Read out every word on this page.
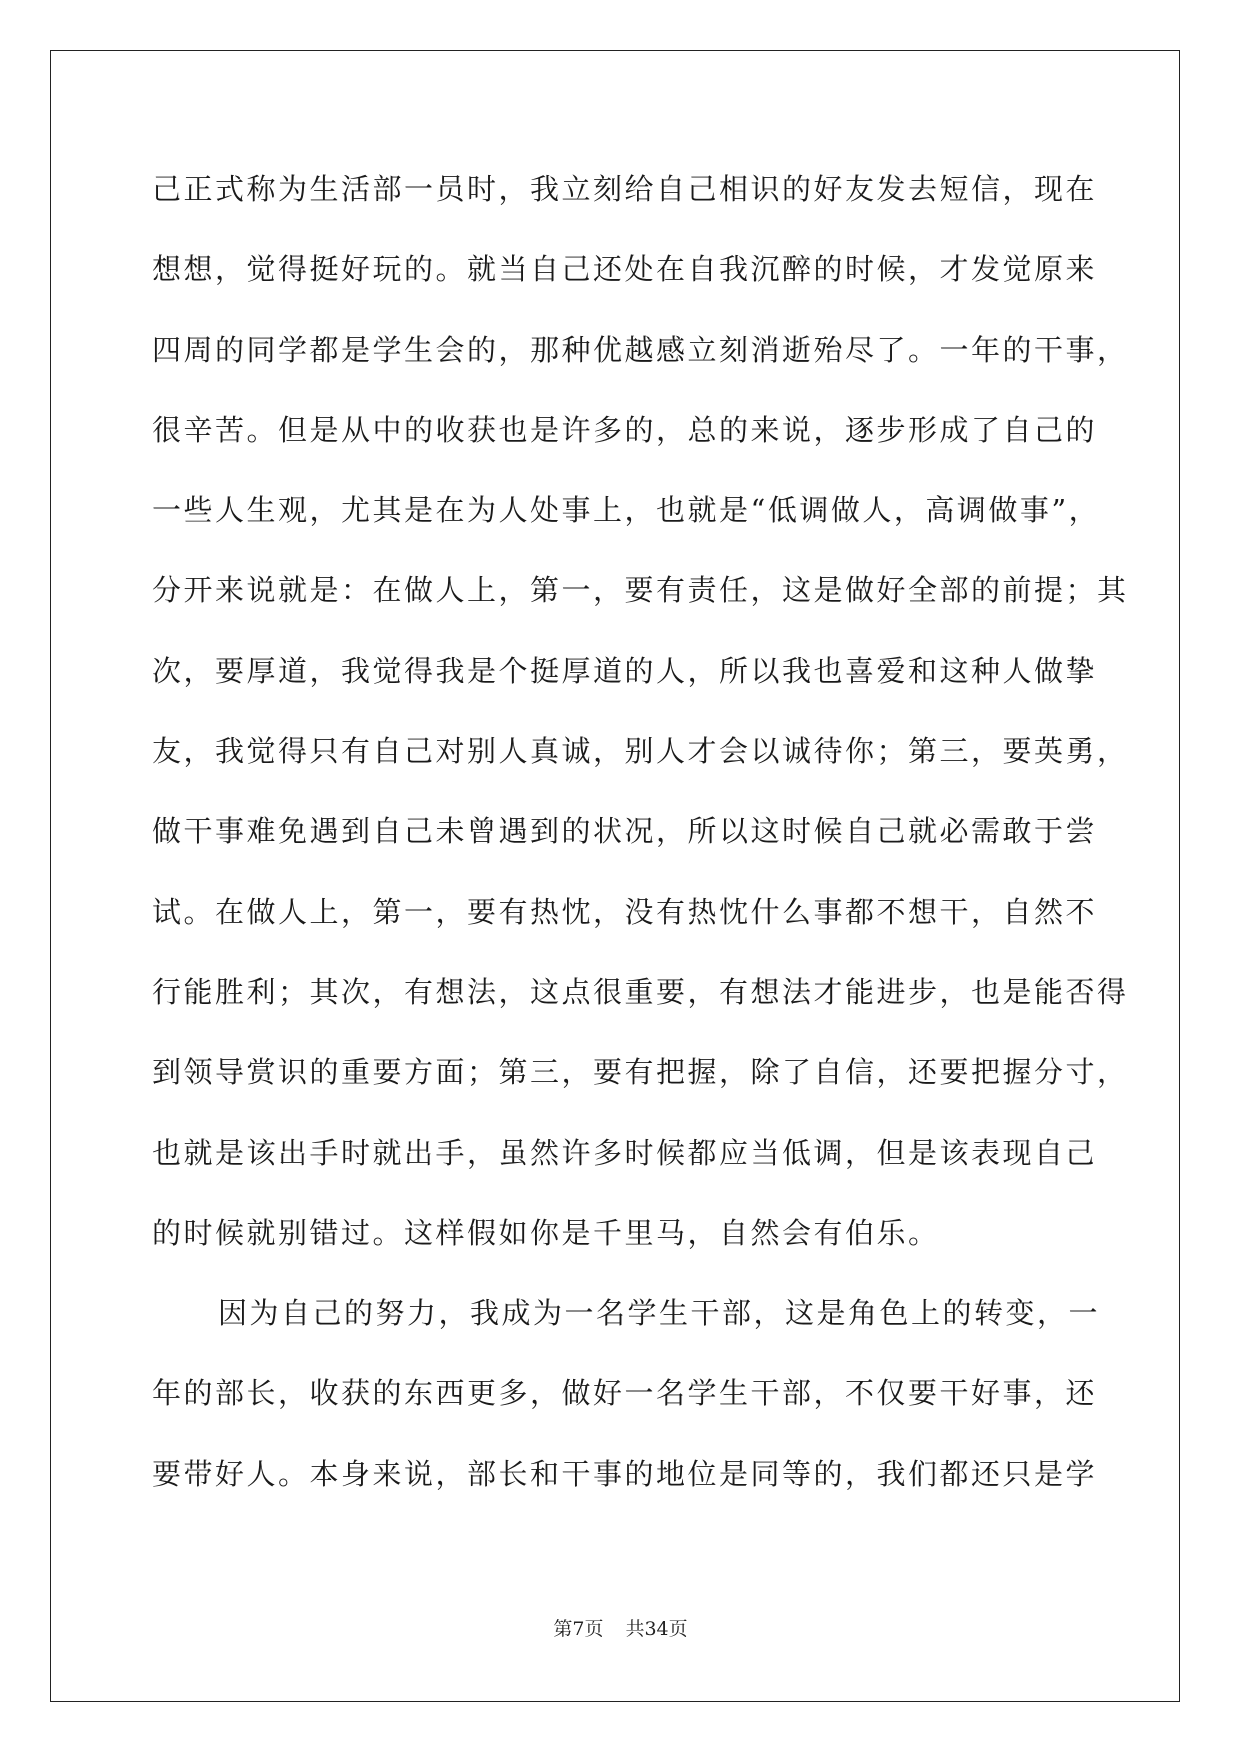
己正式称为生活部一员时，我立刻给自己相识的好友发去短信，现在
想想，觉得挺好玩的。就当自己还处在自我沉醉的时候，才发觉原来
四周的同学都是学生会的，那种优越感立刻消逝殆尽了。一年的干事，
很辛苦。但是从中的收获也是许多的，总的来说，逐步形成了自己的
一些人生观，尤其是在为人处事上，也就是“低调做人，高调做事”，
分开来说就是：在做人上，第一，要有责任，这是做好全部的前提；其
次，要厚道，我觉得我是个挺厚道的人，所以我也喜爱和这种人做挚
友，我觉得只有自己对别人真诚，别人才会以诚待你；第三，要英勇，
做干事难免遇到自己未曾遇到的状况，所以这时候自己就必需敢于尝
试。在做人上，第一，要有热忱，没有热忱什么事都不想干，自然不
行能胜利；其次，有想法，这点很重要，有想法才能进步，也是能否得
到领导赏识的重要方面；第三，要有把握，除了自信，还要把握分寸，
也就是该出手时就出手，虽然许多时候都应当低调，但是该表现自己
的时候就别错过。这样假如你是千里马，自然会有伯乐。
因为自己的努力，我成为一名学生干部，这是角色上的转变，一
年的部长，收获的东西更多，做好一名学生干部，不仅要干好事，还
要带好人。本身来说，部长和干事的地位是同等的，我们都还只是学
第7页 共34页
